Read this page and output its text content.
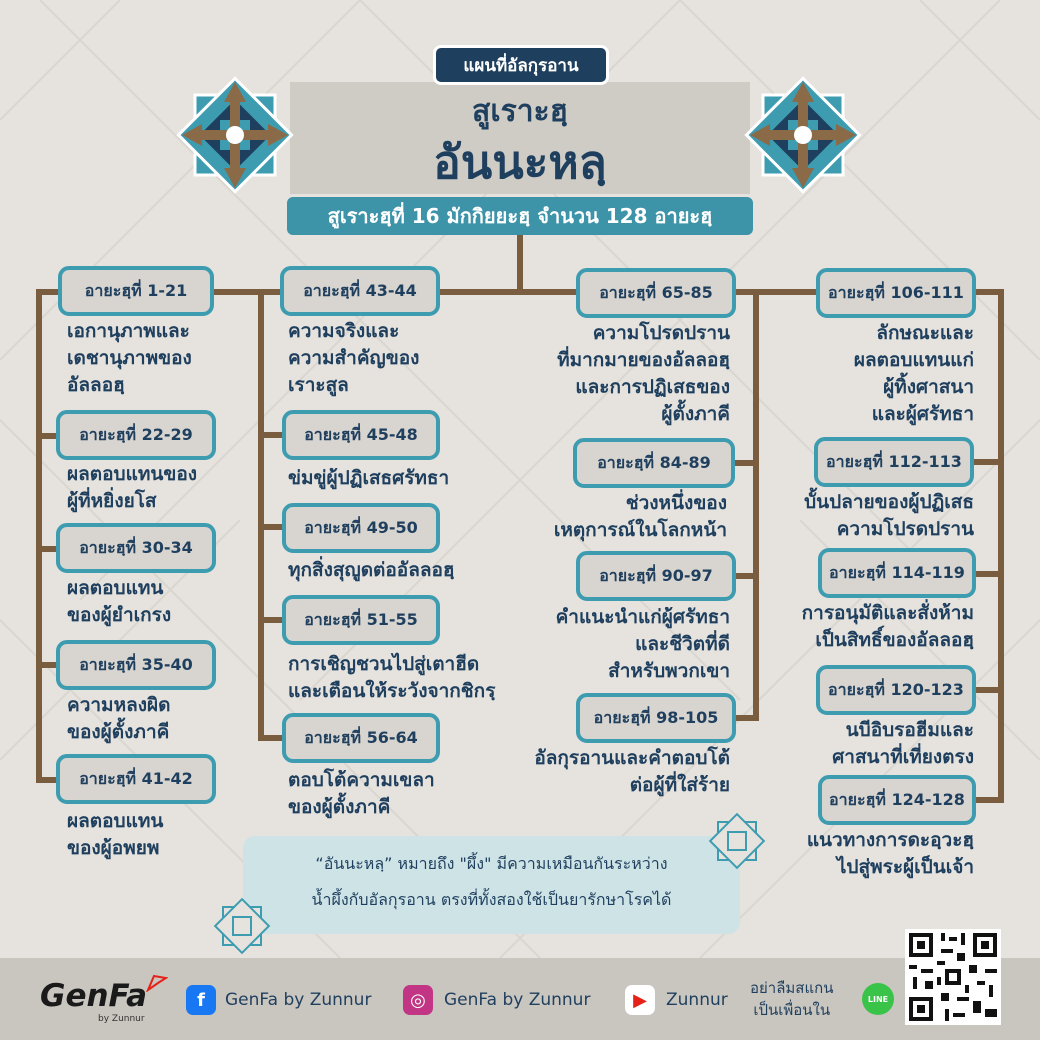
แผนที่อัลกุรอาน
สูเราะฮฺ
อันนะหลฺ
สูเราะฮฺที่ 16 มักกิยยะฮฺ จำนวน 128 อายะฮฺ
อายะฮฺที่ 1-21
เอกานุภาพและ
เดชานุภาพของ
อัลลอฮฺ
อายะฮฺที่ 22-29
ผลตอบแทนของ
ผู้ที่หยิ่งยโส
อายะฮฺที่ 30-34
ผลตอบแทน
ของผู้ยำเกรง
อายะฮฺที่ 35-40
ความหลงผิด
ของผู้ตั้งภาคี
อายะฮฺที่ 41-42
ผลตอบแทน
ของผู้อพยพ
อายะฮฺที่ 43-44
ความจริงและ
ความสำคัญของ
เราะสูล
อายะฮฺที่ 45-48
ข่มขู่ผู้ปฏิเสธศรัทธา
อายะฮฺที่ 49-50
ทุกสิ่งสุญูดต่ออัลลอฮฺ
อายะฮฺที่ 51-55
การเชิญชวนไปสู่เตาฮีด
และเตือนให้ระวังจากชิกรฺ
อายะฮฺที่ 56-64
ตอบโต้ความเขลา
ของผู้ตั้งภาคี
อายะฮฺที่ 65-85
ความโปรดปราน
ที่มากมายของอัลลอฮฺ
และการปฏิเสธของ
ผู้ตั้งภาคี
อายะฮฺที่ 84-89
ช่วงหนึ่งของ
เหตุการณ์ในโลกหน้า
อายะฮฺที่ 90-97
คำแนะนำแก่ผู้ศรัทธา
และชีวิตที่ดี
สำหรับพวกเขา
อายะฮฺที่ 98-105
อัลกุรอานและคำตอบโต้
ต่อผู้ที่ใส่ร้าย
อายะฮฺที่ 106-111
ลักษณะและ
ผลตอบแทนแก่
ผู้ทิ้งศาสนา
และผู้ศรัทธา
อายะฮฺที่ 112-113
บั้นปลายของผู้ปฏิเสธ
ความโปรดปราน
อายะฮฺที่ 114-119
การอนุมัติและสั่งห้าม
เป็นสิทธิ์ของอัลลอฮฺ
อายะฮฺที่ 120-123
นบีอิบรอฮีมและ
ศาสนาที่เที่ยงตรง
อายะฮฺที่ 124-128
แนวทางการดะอฺวะฮฺ
ไปสู่พระผู้เป็นเจ้า
“อันนะหลฺ” หมายถึง "ผึ้ง" มีความเหมือนกันระหว่าง
น้ำผึ้งกับอัลกุรอาน ตรงที่ทั้งสองใช้เป็นยารักษาโรคได้
GenFa
by Zunnur
f	GenFa by Zunnur	◎	GenFa by Zunnur	▶	Zunnur
อย่าลืมสแกน
เป็นเพื่อนใน
LINE
